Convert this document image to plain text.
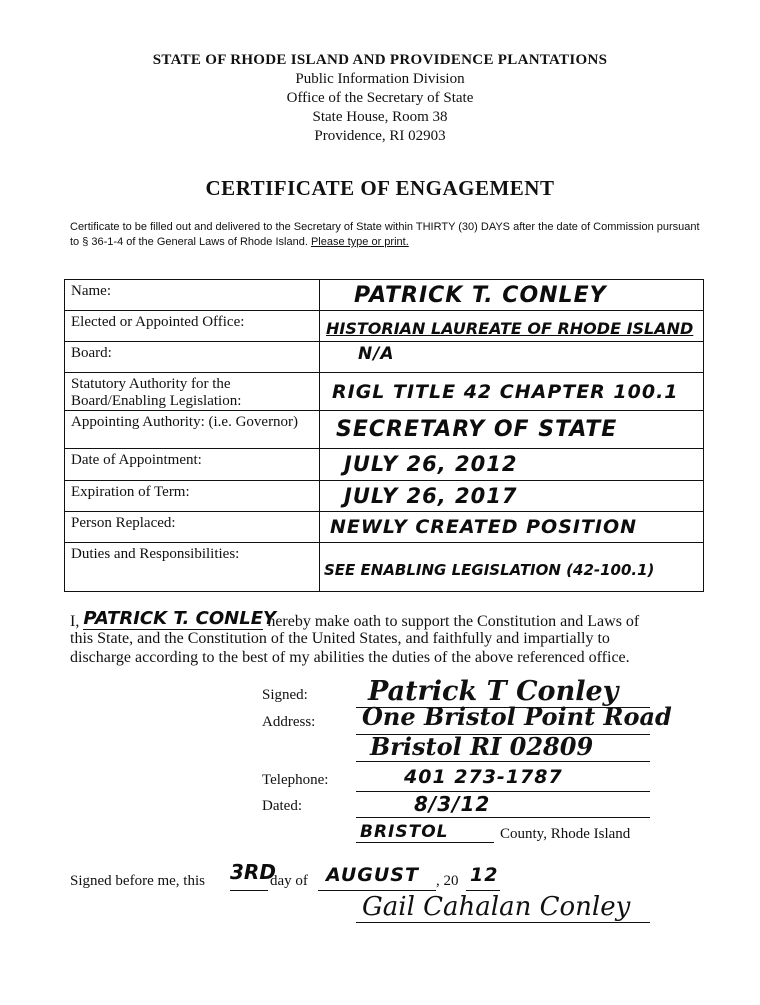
STATE OF RHODE ISLAND AND PROVIDENCE PLANTATIONS
Public Information Division
Office of the Secretary of State
State House, Room 38
Providence, RI 02903
CERTIFICATE OF ENGAGEMENT
Certificate to be filled out and delivered to the Secretary of State within THIRTY (30) DAYS after the date of Commission pursuant to § 36-1-4 of the General Laws of Rhode Island. Please type or print.
Name:	PATRICK T. CONLEY

Elected or Appointed Office:	HISTORIAN LAUREATE OF RHODE ISLAND

Board:	N/A

Statutory Authority for the Board/Enabling Legislation:	RIGL TITLE 42 CHAPTER 100.1

Appointing Authority: (i.e. Governor)	SECRETARY OF STATE

Date of Appointment:	JULY 26, 2012

Expiration of Term:	JULY 26, 2017

Person Replaced:	NEWLY CREATED POSITION

Duties and Responsibilities:	SEE ENABLING LEGISLATION (42-100.1)
I, PATRICK T. CONLEY hereby make oath to support the Constitution and Laws of
this State, and the Constitution of the United States, and faithfully and impartially to
discharge according to the best of my abilities the duties of the above referenced office.
Signed: Patrick T Conley
Address: One Bristol Point Road
Bristol RI 02809
Telephone:	401 273-1787
Dated:	8/3/12
BRISTOL	County, Rhode Island
Signed before me, this 3RD
day of AUGUST , 20 12
Gail Cahalan Conley
